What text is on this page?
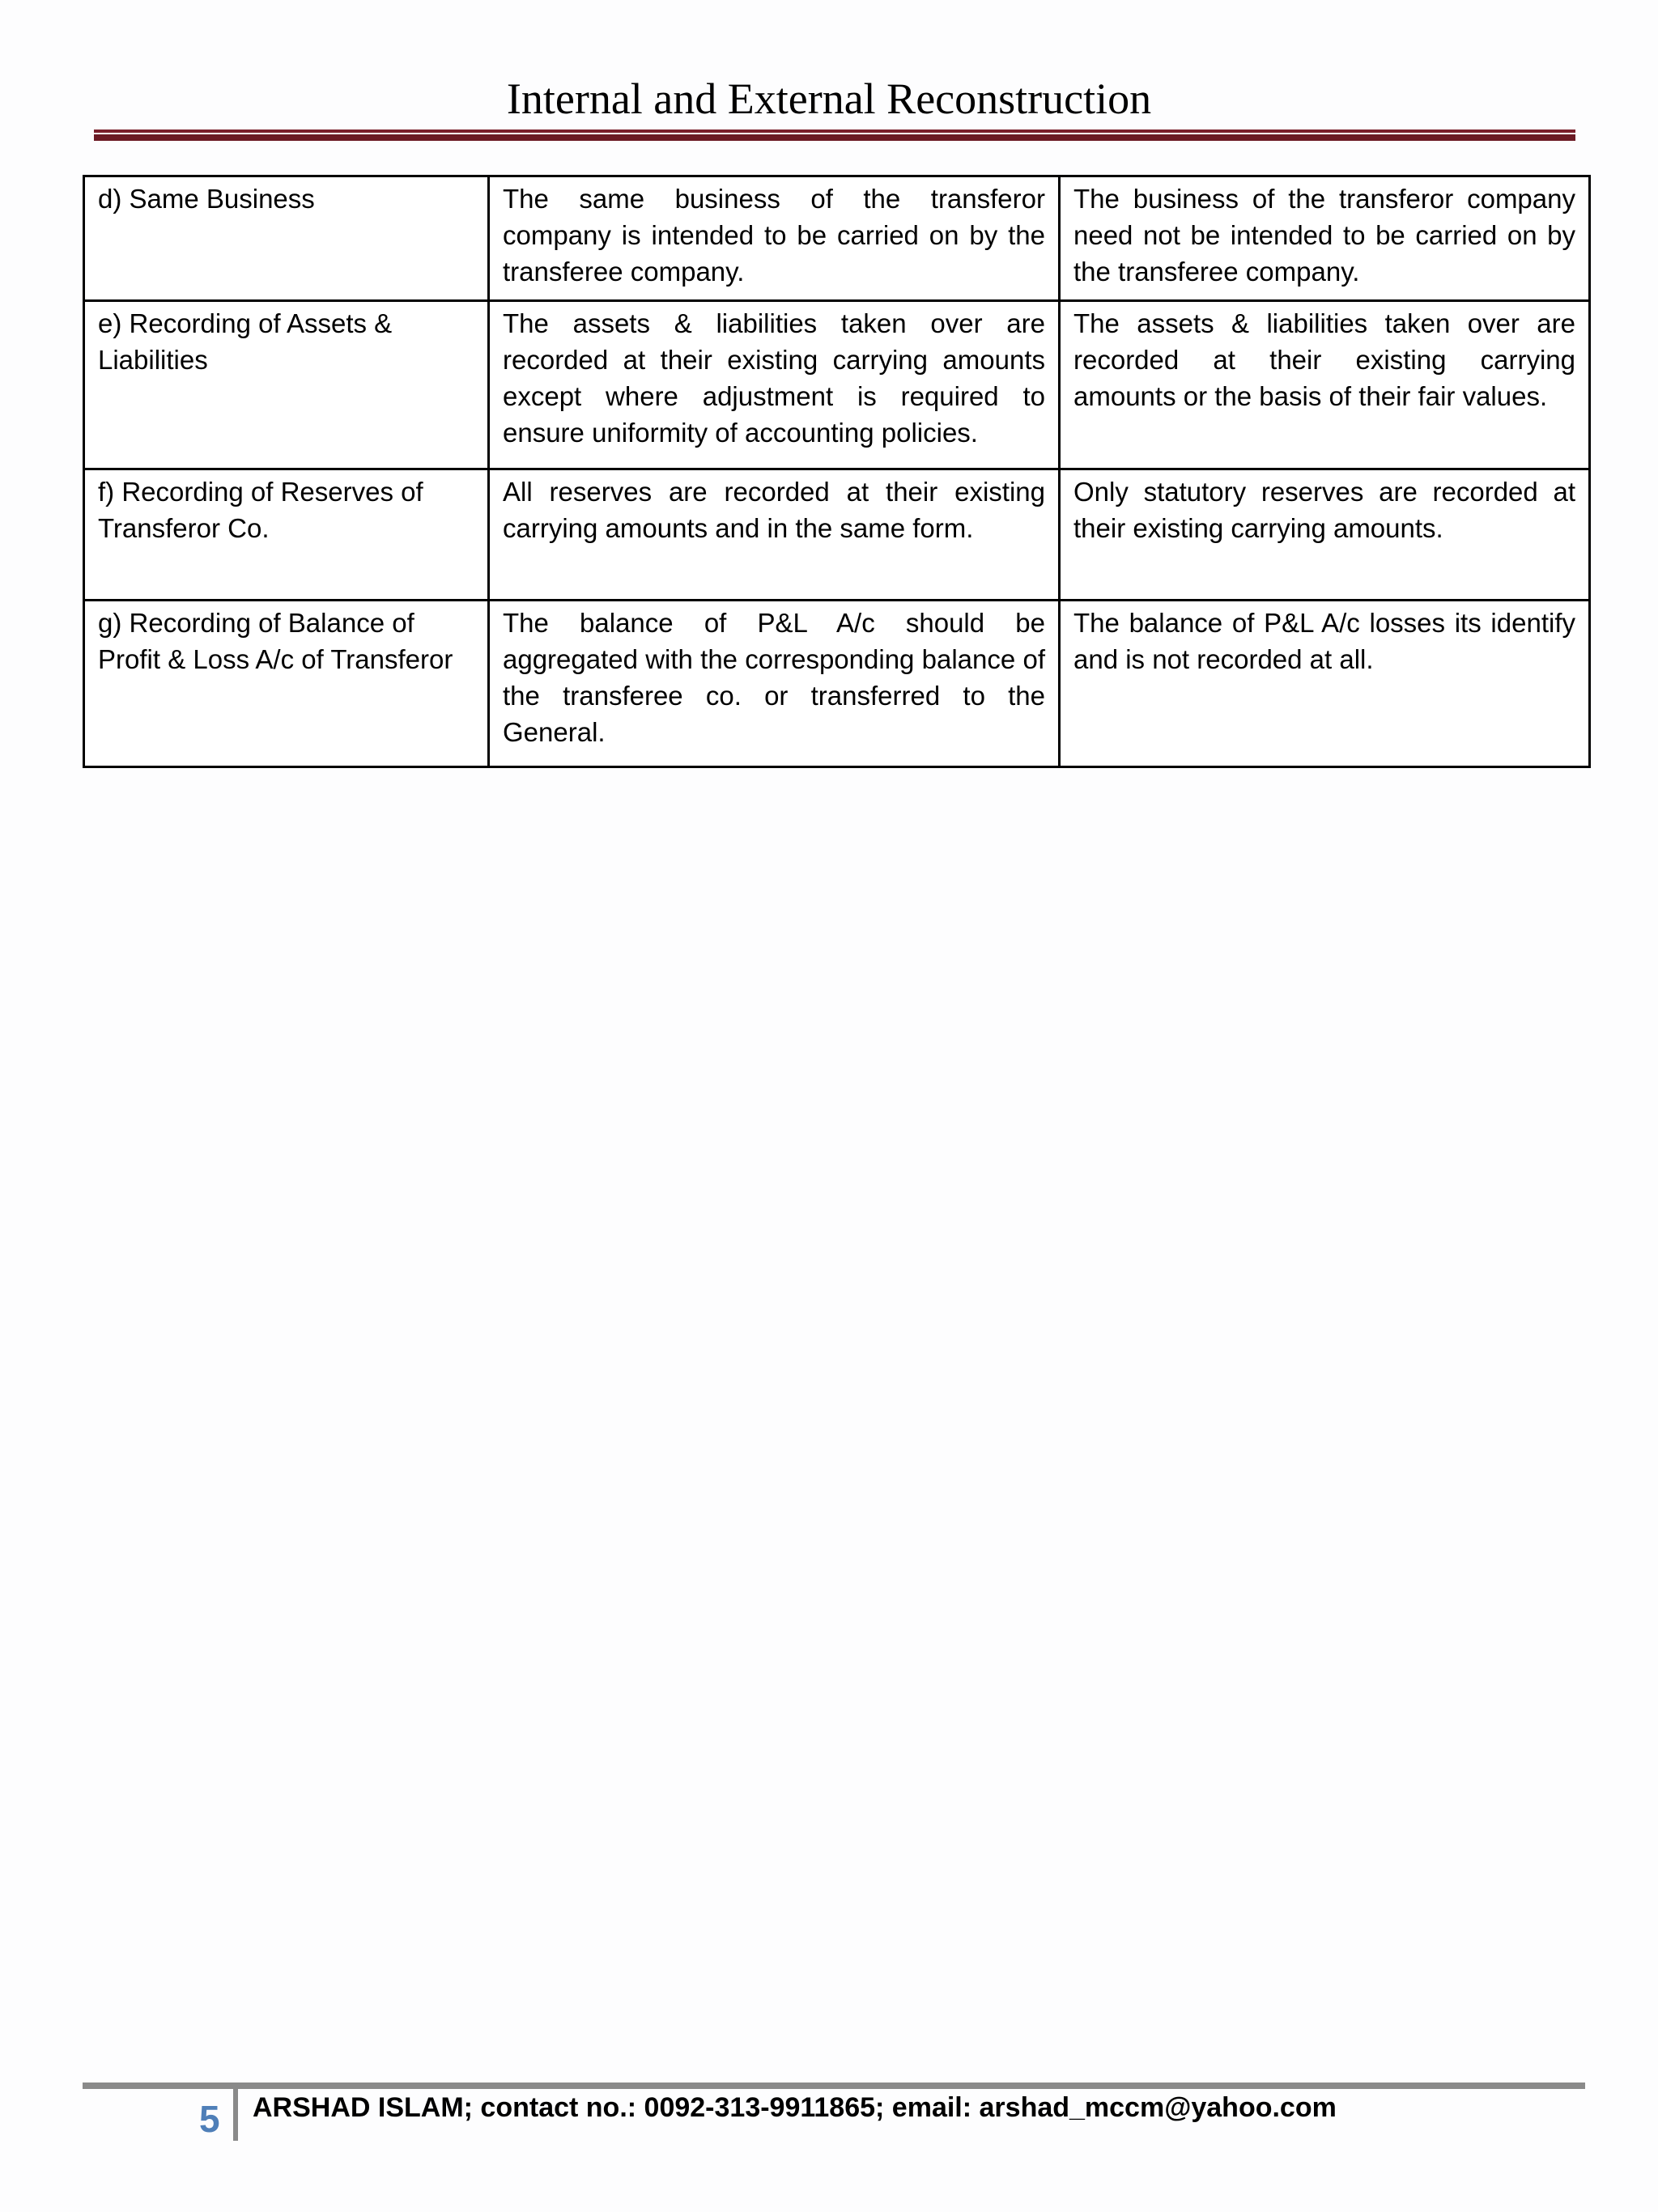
Internal and External Reconstruction
d) Same Business	The same business of the transferor company is intended to be carried on by the transferee company.	The business of the transferor company need not be intended to be carried on by the transferee company.
e) Recording of Assets & Liabilities	The assets & liabilities taken over are recorded at their existing carrying amounts except where adjustment is required to ensure uniformity of accounting policies.	The assets & liabilities taken over are recorded at their existing carrying amounts or the basis of their fair values.
f) Recording of Reserves of Transferor Co.	All reserves are recorded at their existing carrying amounts and in the same form.	Only statutory reserves are recorded at their existing carrying amounts.
g) Recording of Balance of Profit & Loss A/c of Transferor	The balance of P&L A/c should be aggregated with the corresponding balance of the transferee co. or transferred to the General.	The balance of P&L A/c losses its identify and is not recorded at all.
5 ARSHAD ISLAM; contact no.: 0092-313-9911865; email: arshad_mccm@yahoo.com
